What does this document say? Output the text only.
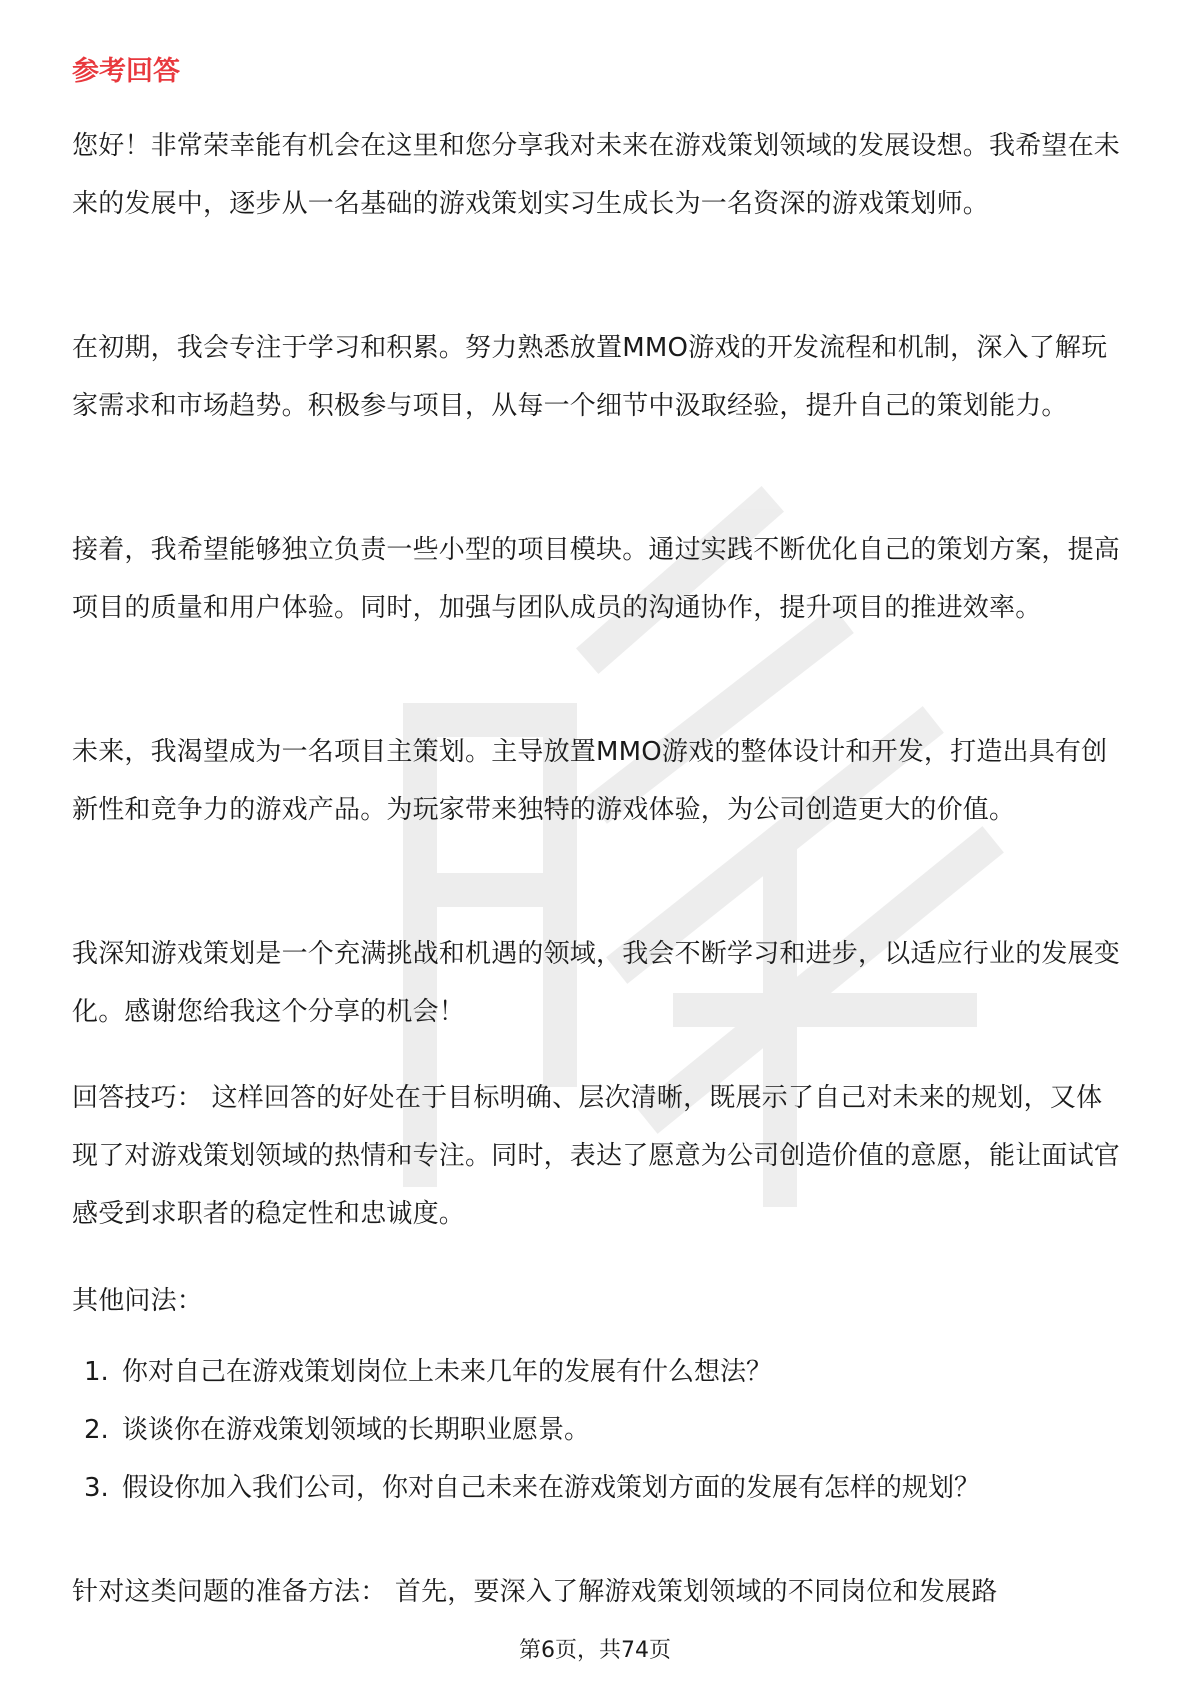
参考回答

您好！非常荣幸能有机会在这里和您分享我对未来在游戏策划领域的发展设想。我希望在未来的发展中，逐步从一名基础的游戏策划实习生成长为一名资深的游戏策划师。

在初期，我会专注于学习和积累。努力熟悉放置MMO游戏的开发流程和机制，深入了解玩家需求和市场趋势。积极参与项目，从每一个细节中汲取经验，提升自己的策划能力。

接着，我希望能够独立负责一些小型的项目模块。通过实践不断优化自己的策划方案，提高项目的质量和用户体验。同时，加强与团队成员的沟通协作，提升项目的推进效率。

未来，我渴望成为一名项目主策划。主导放置MMO游戏的整体设计和开发，打造出具有创新性和竞争力的游戏产品。为玩家带来独特的游戏体验，为公司创造更大的价值。

我深知游戏策划是一个充满挑战和机遇的领域，我会不断学习和进步，以适应行业的发展变化。感谢您给我这个分享的机会！

回答技巧： 这样回答的好处在于目标明确、层次清晰，既展示了自己对未来的规划，又体现了对游戏策划领域的热情和专注。同时，表达了愿意为公司创造价值的意愿，能让面试官感受到求职者的稳定性和忠诚度。

其他问法：

1. 你对自己在游戏策划岗位上未来几年的发展有什么想法？
2. 谈谈你在游戏策划领域的长期职业愿景。
3. 假设你加入我们公司，你对自己未来在游戏策划方面的发展有怎样的规划？

针对这类问题的准备方法： 首先，要深入了解游戏策划领域的不同岗位和发展路

第6页，共74页
